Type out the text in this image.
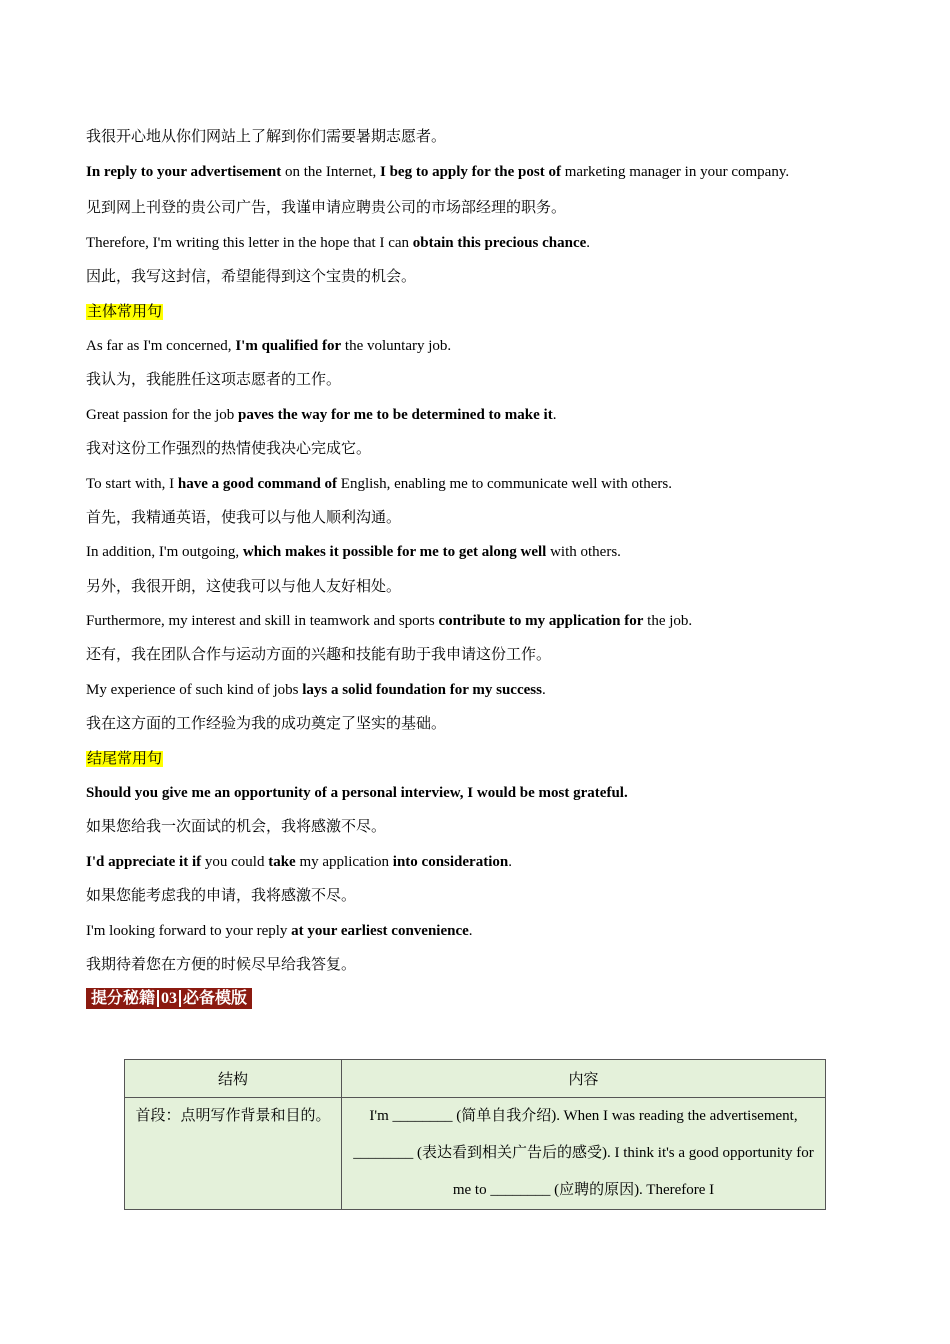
我很开心地从你们网站上了解到你们需要暑期志愿者。

In reply to your advertisement on the Internet, I beg to apply for the post of marketing manager in your company.

见到网上刊登的贵公司广告，我谨申请应聘贵公司的市场部经理的职务。

Therefore, I'm writing this letter in the hope that I can obtain this precious chance.

因此，我写这封信，希望能得到这个宝贵的机会。

主体常用句

As far as I'm concerned, I'm qualified for the voluntary job.

我认为，我能胜任这项志愿者的工作。

Great passion for the job paves the way for me to be determined to make it.

我对这份工作强烈的热情使我决心完成它。

To start with, I have a good command of English, enabling me to communicate well with others.

首先，我精通英语，使我可以与他人顺利沟通。

In addition, I'm outgoing, which makes it possible for me to get along well with others.

另外，我很开朗，这使我可以与他人友好相处。

Furthermore, my interest and skill in teamwork and sports contribute to my application for the job.

还有，我在团队合作与运动方面的兴趣和技能有助于我申请这份工作。

My experience of such kind of jobs lays a solid foundation for my success.

我在这方面的工作经验为我的成功奠定了坚实的基础。

结尾常用句

Should you give me an opportunity of a personal interview, I would be most grateful.

如果您给我一次面试的机会，我将感激不尽。

I'd appreciate it if you could take my application into consideration.

如果您能考虑我的申请，我将感激不尽。

I'm looking forward to your reply at your earliest convenience.

我期待着您在方便的时候尽早给我答复。

提分秘籍 03 必备模版

结构	内容
首段：点明写作背景和目的。	I'm ________ (简单自我介绍). When I was reading the advertisement, ________ (表达看到相关广告后的感受). I think it's a good opportunity for me to ________ (应聘的原因). Therefore I
